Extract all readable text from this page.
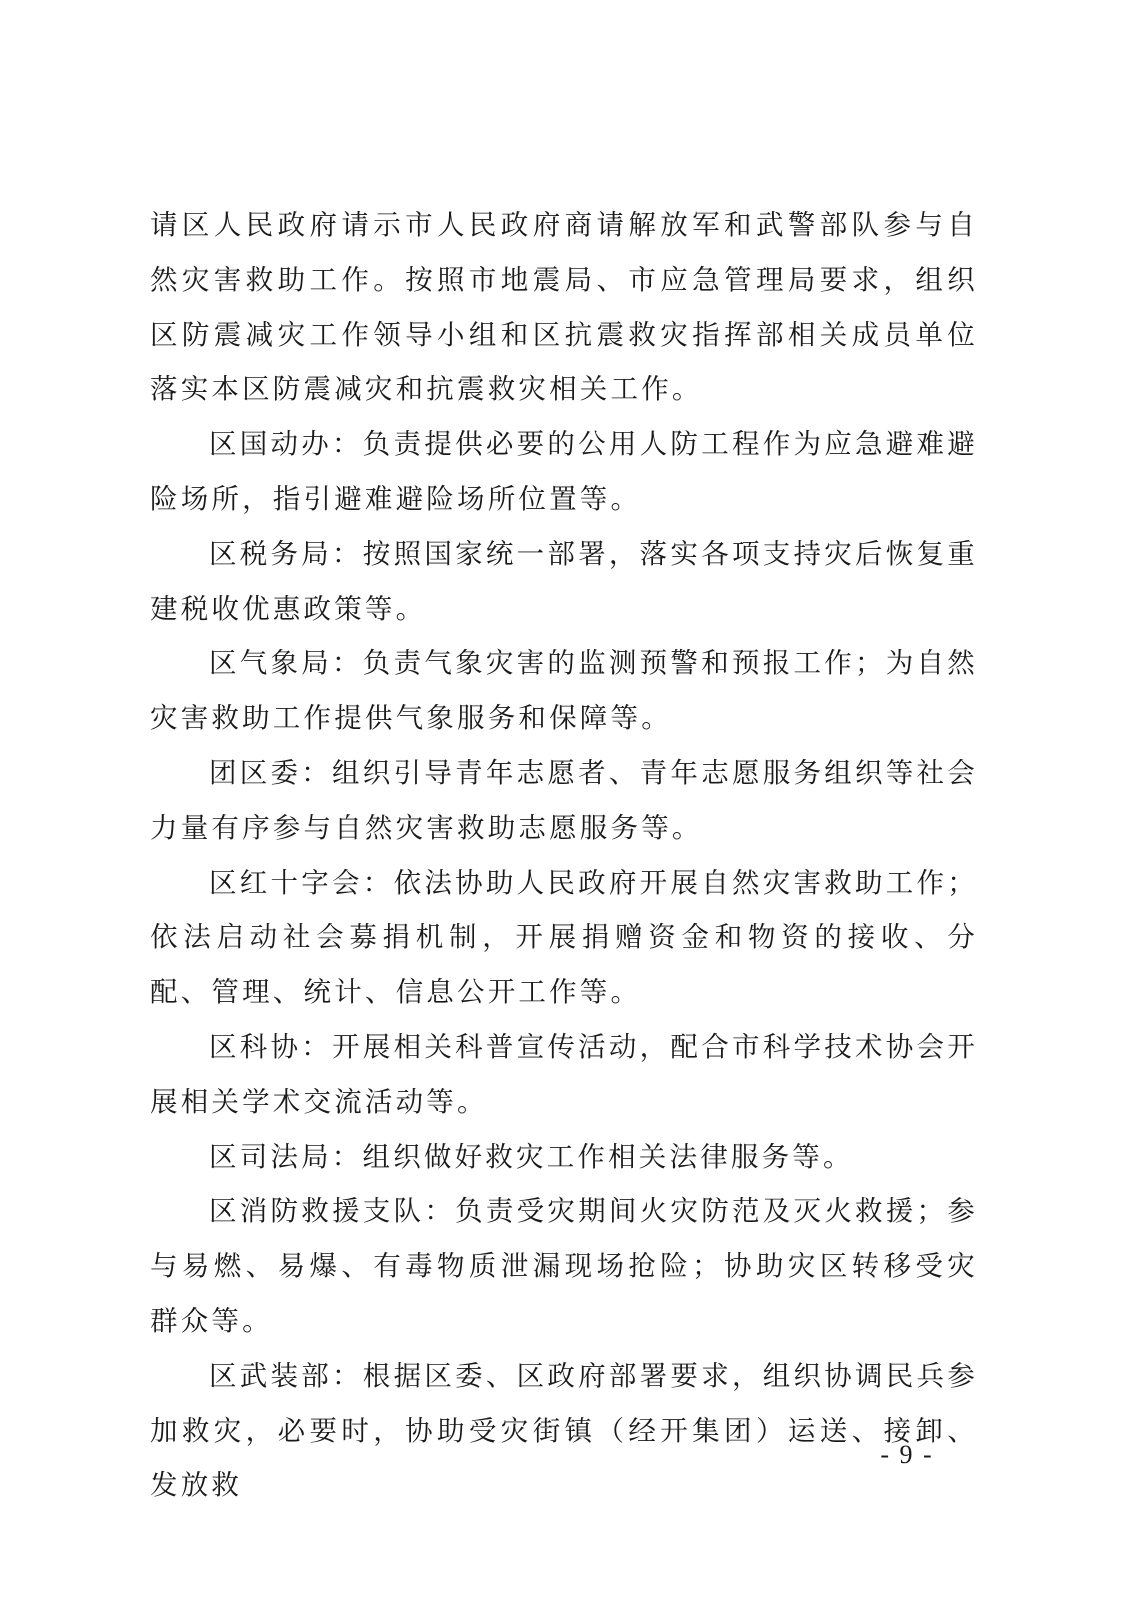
请区人民政府请示市人民政府商请解放军和武警部队参与自然灾害救助工作。按照市地震局、市应急管理局要求，组织区防震减灾工作领导小组和区抗震救灾指挥部相关成员单位落实本区防震减灾和抗震救灾相关工作。

区国动办：负责提供必要的公用人防工程作为应急避难避险场所，指引避难避险场所位置等。

区税务局：按照国家统一部署，落实各项支持灾后恢复重建税收优惠政策等。

区气象局：负责气象灾害的监测预警和预报工作；为自然灾害救助工作提供气象服务和保障等。

团区委：组织引导青年志愿者、青年志愿服务组织等社会力量有序参与自然灾害救助志愿服务等。

区红十字会：依法协助人民政府开展自然灾害救助工作；依法启动社会募捐机制，开展捐赠资金和物资的接收、分配、管理、统计、信息公开工作等。

区科协：开展相关科普宣传活动，配合市科学技术协会开展相关学术交流活动等。

区司法局：组织做好救灾工作相关法律服务等。

区消防救援支队：负责受灾期间火灾防范及灭火救援；参与易燃、易爆、有毒物质泄漏现场抢险；协助灾区转移受灾群众等。

区武装部：根据区委、区政府部署要求，组织协调民兵参加救灾，必要时，协助受灾街镇（经开集团）运送、接卸、发放救

- 9 -
